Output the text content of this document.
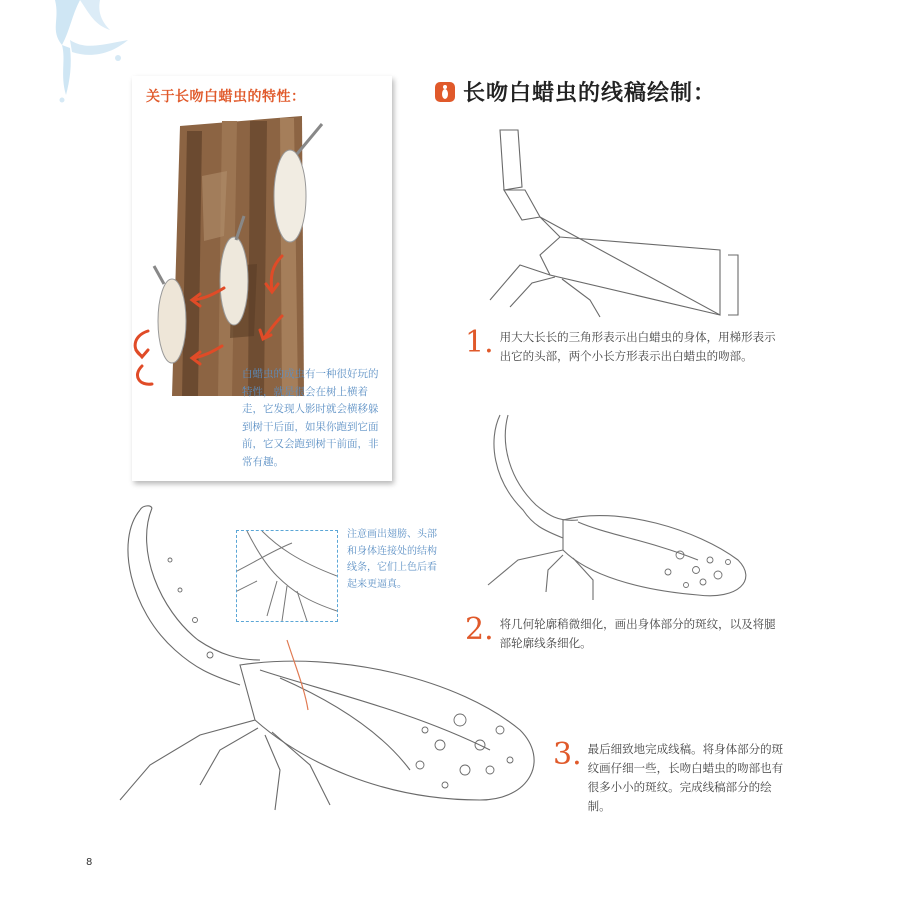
关于长吻白蜡虫的特性：
白蜡虫的成虫有一种很好玩的特性，就是很会在树上横着走，它发现人影时就会横移躲到树干后面，如果你跑到它面前，它又会跑到树干前面，非常有趣。
长吻白蜡虫的线稿绘制：
1. 用大大长长的三角形表示出白蜡虫的身体，用梯形表示出它的头部，两个小长方形表示出白蜡虫的吻部。
2. 将几何轮廓稍微细化，画出身体部分的斑纹，以及将腿部轮廓线条细化。
注意画出翅膀、头部和身体连接处的结构线条，它们上色后看起来更逼真。
3. 最后细致地完成线稿。将身体部分的斑纹画仔细一些，长吻白蜡虫的吻部也有很多小小的斑纹。完成线稿部分的绘制。
8
